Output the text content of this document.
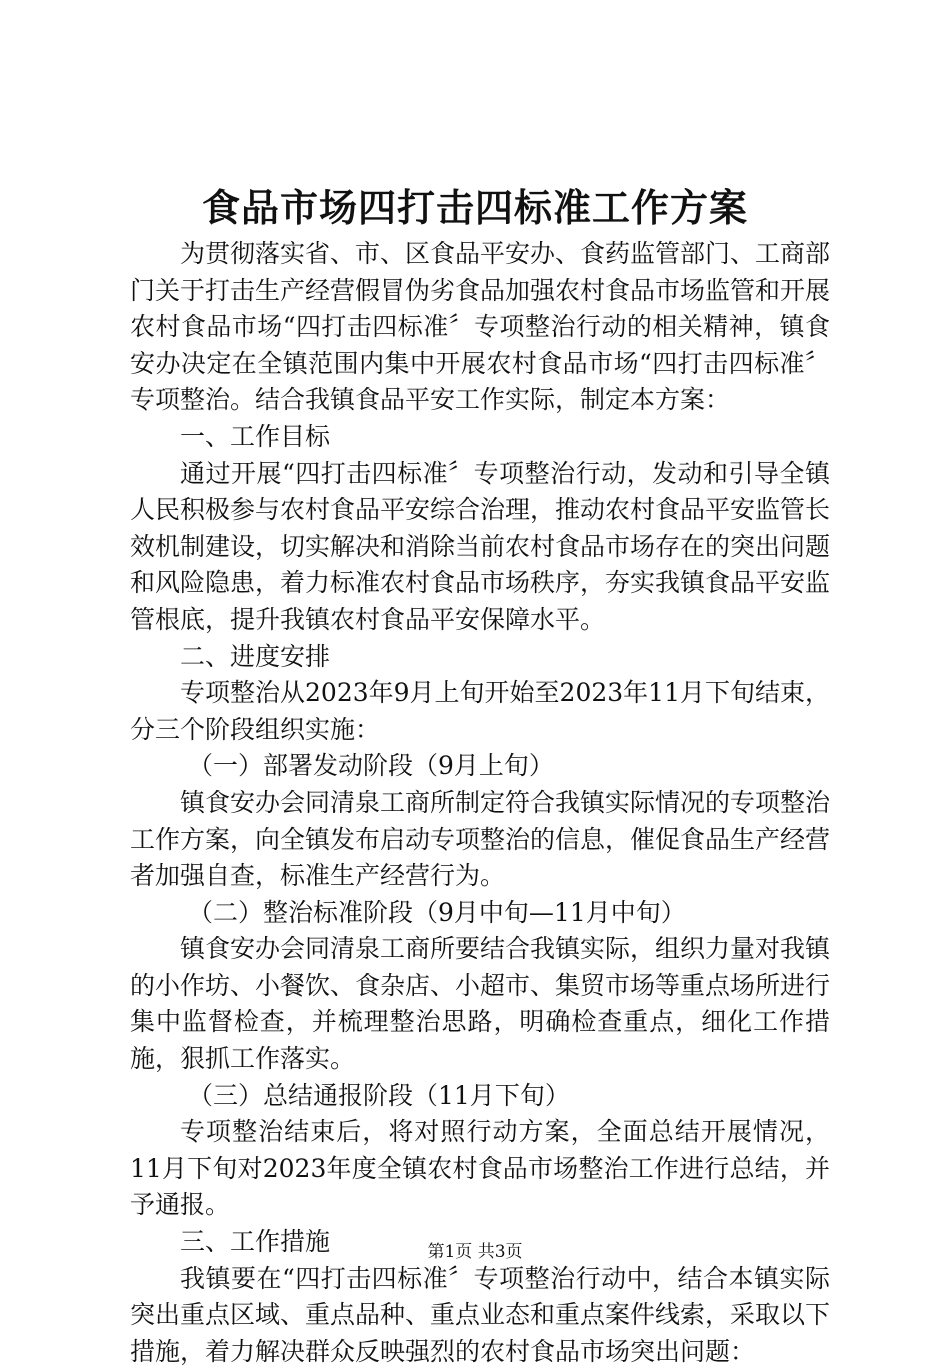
食品市场四打击四标准工作方案

为贯彻落实省、市、区食品平安办、食药监管部门、工商部门关于打击生产经营假冒伪劣食品加强农村食品市场监管和开展农村食品市场“四打击四标准〞专项整治行动的相关精神，镇食安办决定在全镇范围内集中开展农村食品市场“四打击四标准〞专项整治。结合我镇食品平安工作实际，制定本方案：

一、工作目标

通过开展“四打击四标准〞专项整治行动，发动和引导全镇人民积极参与农村食品平安综合治理，推动农村食品平安监管长效机制建设，切实解决和消除当前农村食品市场存在的突出问题和风险隐患，着力标准农村食品市场秩序，夯实我镇食品平安监管根底，提升我镇农村食品平安保障水平。

二、进度安排

专项整治从2023年9月上旬开始至2023年11月下旬结束，分三个阶段组织实施：

（一）部署发动阶段（9月上旬）

镇食安办会同清泉工商所制定符合我镇实际情况的专项整治工作方案，向全镇发布启动专项整治的信息，催促食品生产经营者加强自查，标准生产经营行为。

（二）整治标准阶段（9月中旬—11月中旬）

镇食安办会同清泉工商所要结合我镇实际，组织力量对我镇的小作坊、小餐饮、食杂店、小超市、集贸市场等重点场所进行集中监督检查，并梳理整治思路，明确检查重点，细化工作措施，狠抓工作落实。

（三）总结通报阶段（11月下旬）

专项整治结束后，将对照行动方案，全面总结开展情况，11月下旬对2023年度全镇农村食品市场整治工作进行总结，并予通报。

三、工作措施

我镇要在“四打击四标准〞专项整治行动中，结合本镇实际突出重点区域、重点品种、重点业态和重点案件线索，采取以下措施，着力解决群众反映强烈的农村食品市场突出问题：

第1页 共3页
